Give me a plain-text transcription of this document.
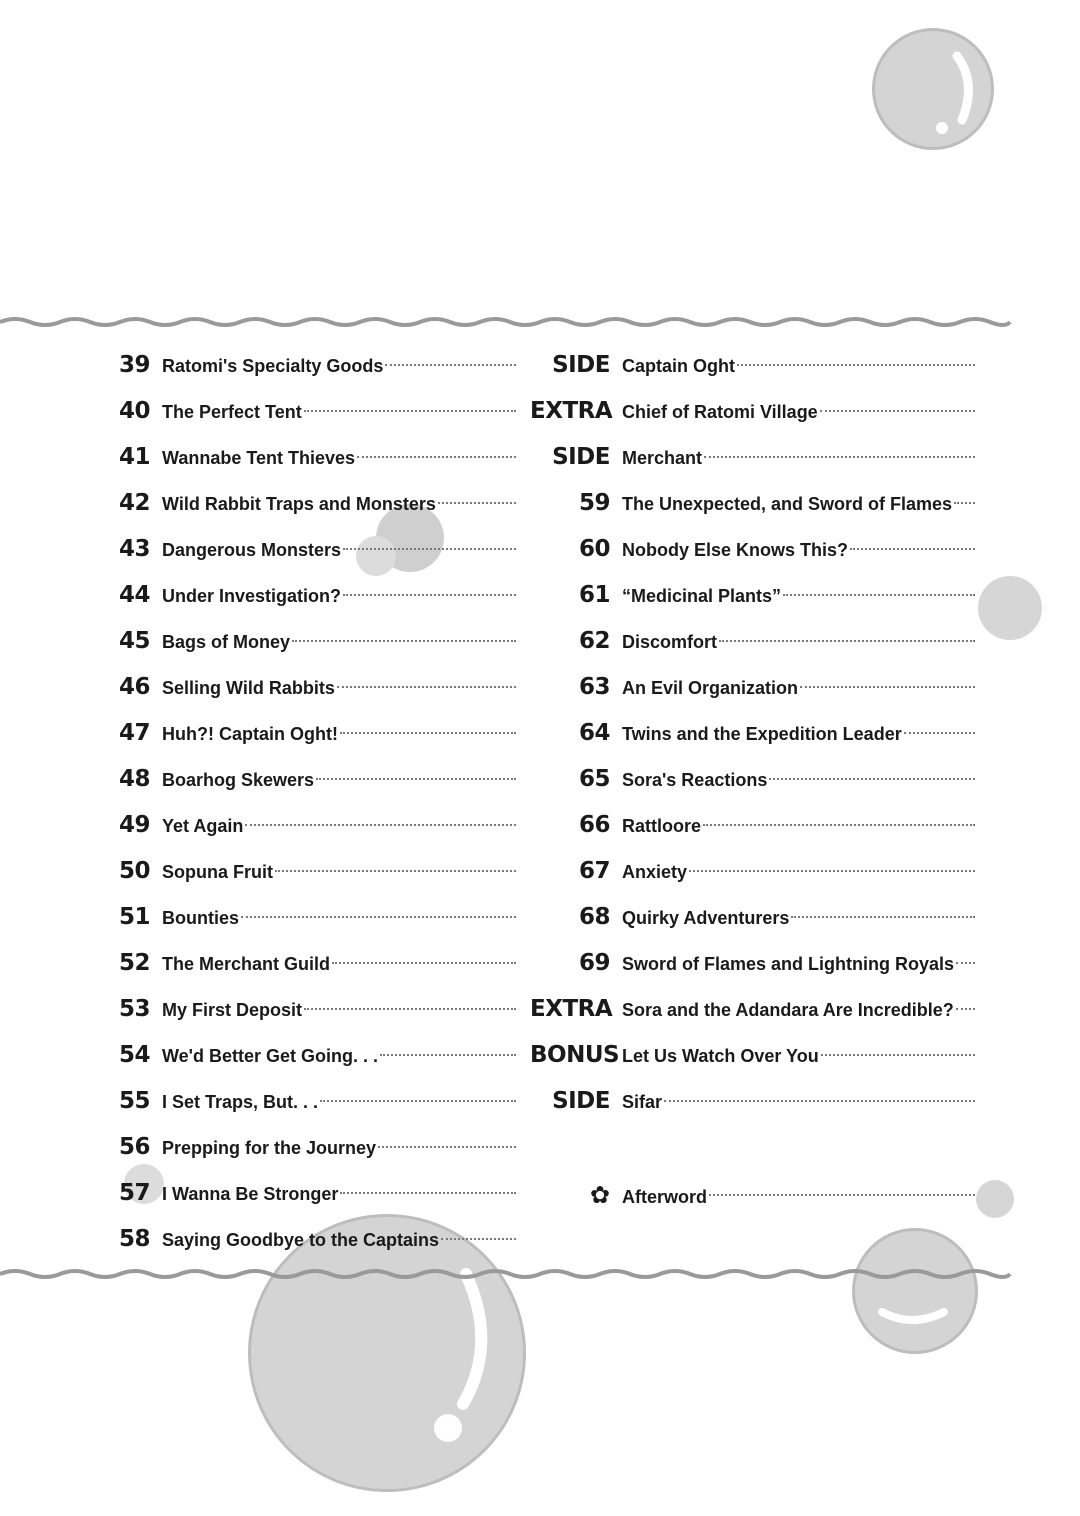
39 Ratomi's Specialty Goods
40 The Perfect Tent
41 Wannabe Tent Thieves
42 Wild Rabbit Traps and Monsters
43 Dangerous Monsters
44 Under Investigation?
45 Bags of Money
46 Selling Wild Rabbits
47 Huh?! Captain Oght!
48 Boarhog Skewers
49 Yet Again
50 Sopuna Fruit
51 Bounties
52 The Merchant Guild
53 My First Deposit
54 We'd Better Get Going. . .
55 I Set Traps, But. . .
56 Prepping for the Journey
57 I Wanna Be Stronger
58 Saying Goodbye to the Captains
SIDE Captain Oght
EXTRA Chief of Ratomi Village
SIDE Merchant
59 The Unexpected, and Sword of Flames
60 Nobody Else Knows This?
61 “Medicinal Plants”
62 Discomfort
63 An Evil Organization
64 Twins and the Expedition Leader
65 Sora's Reactions
66 Rattloore
67 Anxiety
68 Quirky Adventurers
69 Sword of Flames and Lightning Royals
EXTRA Sora and the Adandara Are Incredible?
BONUS Let Us Watch Over You
SIDE Sifar
✿ Afterword
